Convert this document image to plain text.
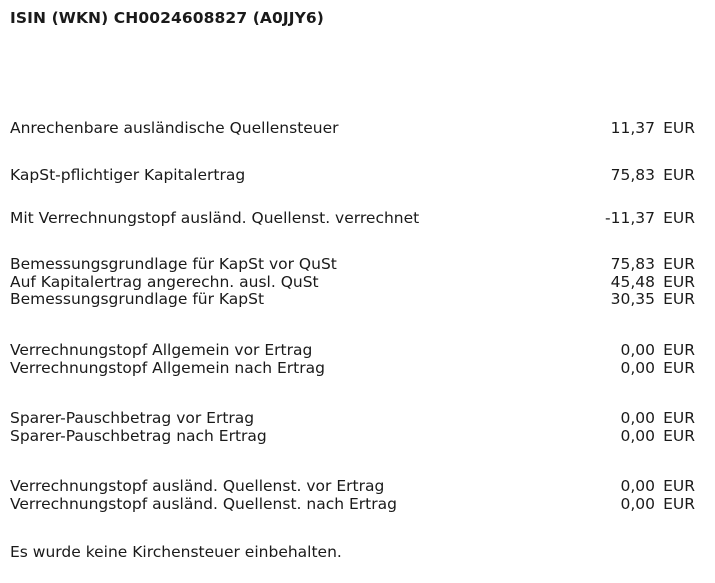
ISIN (WKN) CH0024608827 (A0JJY6)
Anrechenbare ausländische Quellensteuer	11,37 EUR
KapSt-pflichtiger Kapitalertrag	75,83 EUR
Mit Verrechnungstopf ausländ. Quellenst. verrechnet	-11,37 EUR
Bemessungsgrundlage für KapSt vor QuSt	75,83 EUR
Auf Kapitalertrag angerechn. ausl. QuSt	45,48 EUR
Bemessungsgrundlage für KapSt	30,35 EUR
Verrechnungstopf Allgemein vor Ertrag	0,00 EUR
Verrechnungstopf Allgemein nach Ertrag	0,00 EUR
Sparer-Pauschbetrag vor Ertrag	0,00 EUR
Sparer-Pauschbetrag nach Ertrag	0,00 EUR
Verrechnungstopf ausländ. Quellenst. vor Ertrag	0,00 EUR
Verrechnungstopf ausländ. Quellenst. nach Ertrag	0,00 EUR
Es wurde keine Kirchensteuer einbehalten.
